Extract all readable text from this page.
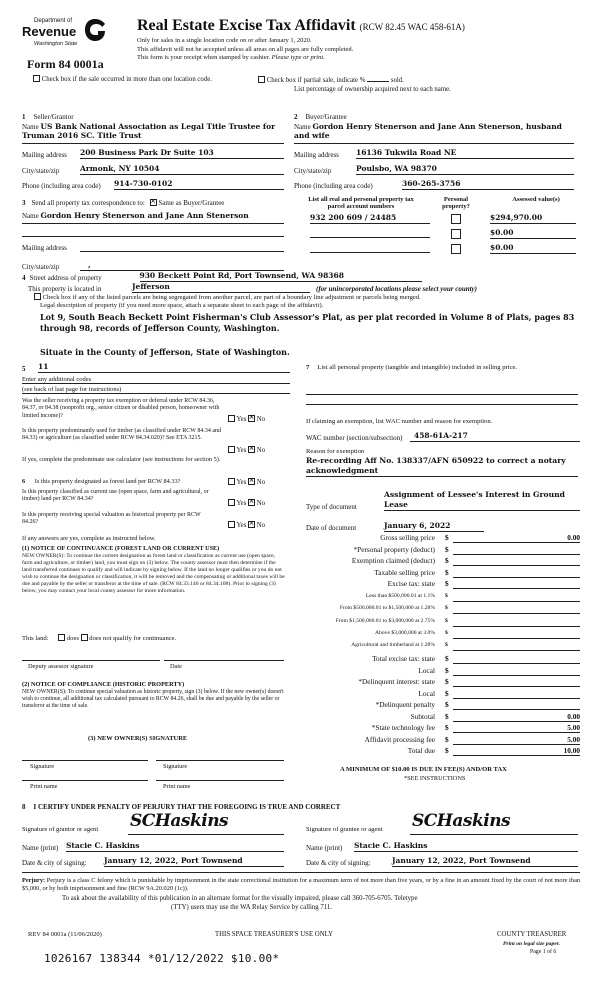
Department of
Revenue
Washington State
Form 84 0001a
Real Estate Excise Tax Affidavit (RCW 82.45 WAC 458-61A)
Only for sales in a single location code on or after January 1, 2020.
This affidavit will not be accepted unless all areas on all pages are fully completed.
This form is your receipt when stamped by cashier. Please type or print.
Check box if the sale occurred in more than one location code.	Check box if partial sale, indicate %	sold.
List percentage of ownership acquired next to each name.
1 Seller/Grantor
Name US Bank National Association as Legal Title Trustee for Truman 2016 SC. Title Trust
Mailing address	200 Business Park Dr Suite 103
City/state/zip	Armonk, NY 10504
Phone (including area code)	914-730-0102
2 Buyer/Grantee
Name Gordon Henry Stenerson and Jane Ann Stenerson, husband and wife
Mailing address	16136 Tukwila Road NE
City/state/zip	Poulsbo, WA 98370
Phone (including area code)	360-265-3756
3 Send all property tax correspondence to: × Same as Buyer/Grantee
Name Gordon Henry Stenerson and Jane Ann Stenerson
Mailing address
City/state/zip	,
List all real and personal property tax parcel account numbers
Personal property?
Assessed value(s)
932 200 609 / 24485	$294,970.00
$0.00
$0.00
4 Street address of property	930 Beckett Point Rd, Port Townsend, WA 98368
This property is located in	Jefferson	(for unincorporated locations please select your county)
Check box if any of the listed parcels are being segregated from another parcel, are part of a boundary line adjustment or parcels being merged.
Legal description of property (if you need more space, attach a separate sheet to each page of the affidavit).
Lot 9, South Beach Beckett Point Fisherman's Club Assessor's Plat, as per plat recorded in Volume 8 of Plats, pages 83 through 98, records of Jefferson County, Washington.
Situate in the County of Jefferson, State of Washington.
5	11
Enter any additional codes
(see back of last page for instructions)
Was the seller receiving a property tax exemption or deferral under RCW 84.36, 84.37, or 84.38 (nonprofit org., senior citizen or disabled person, homeowner with limited income)?
Yes × No
Is this property predominantly used for timber (as classified under RCW 84.34 and 84.33) or agriculture (as classified under RCW 84.34.020)? See ETA 3215.
Yes × No
If yes, complete the predominate use calculator (see instructions for section 5).
6 Is this property designated as forest land per RCW 84.33?	Yes × No
Is this property classified as current use (open space, farm and agricultural, or timber) land per RCW 84.34?
Yes × No
Is this property receiving special valuation as historical property per RCW 84.26?	Yes × No
If any answers are yes, complete as instructed below.
(1) NOTICE OF CONTINUANCE (FOREST LAND OR CURRENT USE)
NEW OWNER(S): To continue the current designation as forest land or classification as current use (open space, farm and agriculture, or timber) land, you must sign on (3) below. The county assessor must then determine if the land transferred continues to qualify and will indicate by signing below. If the land no longer qualifies or you do not wish to continue the designation or classification, it will be removed and the compensating or additional taxes will be due and payable by the seller or transferor at the time of sale. (RCW 84.33.140 or 84.34.108). Prior to signing (3) below, you may contact your local county assessor for more information.
This land:	does does not qualify for continuance.
Deputy assessor signature	Date
(2) NOTICE OF COMPLIANCE (HISTORIC PROPERTY)
NEW OWNER(S): To continue special valuation as historic property, sign (3) below. If the new owner(s) doesn't wish to continue, all additional tax calculated pursuant to RCW 84.26, shall be due and payable by the seller or transferor at the time of sale.
(3) NEW OWNER(S) SIGNATURE
Signature	Signature
Print name	Print name
7 List all personal property (tangible and intangible) included in selling price.
If claiming an exemption, list WAC number and reason for exemption.
WAC number (section/subsection)	458-61A-217
Reason for exemption
Re-recording Aff No. 138337/AFN 650922 to correct a notary acknowledgment
Assignment of Lessee's Interest in Ground
Type of document	Lease
Date of document	January 6, 2022
Gross selling price $	0.00
*Personal property (deduct) $
Exemption claimed (deduct) $
Taxable selling price $
Excise tax: state $
Less than $500,000.01 at 1.1% $
From $500,000.01 to $1,500,000 at 1.28% $
From $1,500,000.01 to $3,000,000 at 2.75% $
Above $3,000,000 at 3.0% $
Agricultural and timberland at 1.28% $
Total excise tax: state $
Local $
*Delinquent interest: state $
Local $
*Delinquent penalty $
Subtotal $	0.00
*State technology fee $	5.00
Affidavit processing fee $	5.00
Total due $	10.00
A MINIMUM OF $10.00 IS DUE IN FEE(S) AND/OR TAX
*SEE INSTRUCTIONS
8 I CERTIFY UNDER PENALTY OF PERJURY THAT THE FOREGOING IS TRUE AND CORRECT
Signature of grantor or agent SCHaskins	Signature of grantee or agent SCHaskins
Name (print)	Stacie C. Haskins	Name (print)	Stacie C. Haskins
Date & city of signing:	January 12, 2022, Port Townsend	Date & city of signing:	January 12, 2022, Port Townsend
Perjury: Perjury is a class C felony which is punishable by imprisonment in the state correctional institution for a maximum term of not more than five years, or by a fine in an amount fixed by the court of not more than $5,000, or by both imprisonment and fine (RCW 9A.20.020 (1c)).
To ask about the availability of this publication in an alternate format for the visually impaired, please call 360-705-6705. Teletype
(TTY) users may use the WA Relay Service by calling 711.
REV 84 0001a (11/06/2020)	THIS SPACE TREASURER'S USE ONLY	COUNTY TREASURER
Print on legal size paper.
Page 1 of 6
1026167 138344 *01/12/2022 $10.00*
